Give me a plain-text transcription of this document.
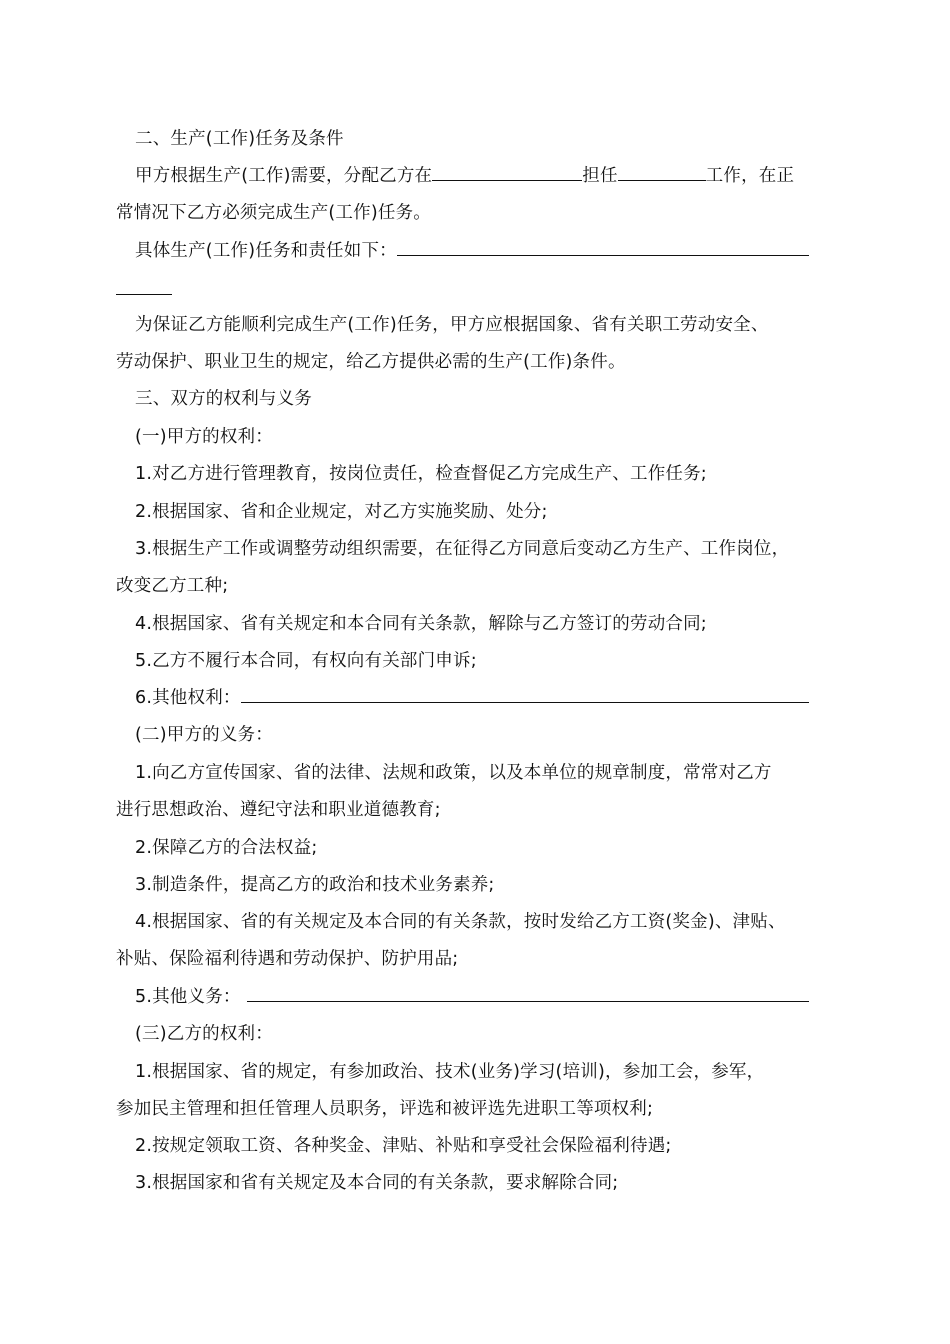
二、生产(工作)任务及条件
甲方根据生产(工作)需要，分配乙方在	担任	工作，在正
常情况下乙方必须完成生产(工作)任务。
具体生产(工作)任务和责任如下：
为保证乙方能顺利完成生产(工作)任务，甲方应根据国象、省有关职工劳动安全、
劳动保护、职业卫生的规定，给乙方提供必需的生产(工作)条件。
三、双方的权利与义务
(一)甲方的权利：
1.对乙方进行管理教育，按岗位责任，检查督促乙方完成生产、工作任务;
2.根据国家、省和企业规定，对乙方实施奖励、处分;
3.根据生产工作或调整劳动组织需要，在征得乙方同意后变动乙方生产、工作岗位，
改变乙方工种;
4.根据国家、省有关规定和本合同有关条款，解除与乙方签订的劳动合同;
5.乙方不履行本合同，有权向有关部门申诉;
6.其他权利：
(二)甲方的义务：
1.向乙方宣传国家、省的法律、法规和政策，以及本单位的规章制度，常常对乙方
进行思想政治、遵纪守法和职业道德教育;
2.保障乙方的合法权益;
3.制造条件，提高乙方的政治和技术业务素养;
4.根据国家、省的有关规定及本合同的有关条款，按时发给乙方工资(奖金)、津贴、
补贴、保险福利待遇和劳动保护、防护用品;
5.其他义务：
(三)乙方的权利：
1.根据国家、省的规定，有参加政治、技术(业务)学习(培训)，参加工会，参军，
参加民主管理和担任管理人员职务，评选和被评选先进职工等项权利;
2.按规定领取工资、各种奖金、津贴、补贴和享受社会保险福利待遇;
3.根据国家和省有关规定及本合同的有关条款，要求解除合同;
